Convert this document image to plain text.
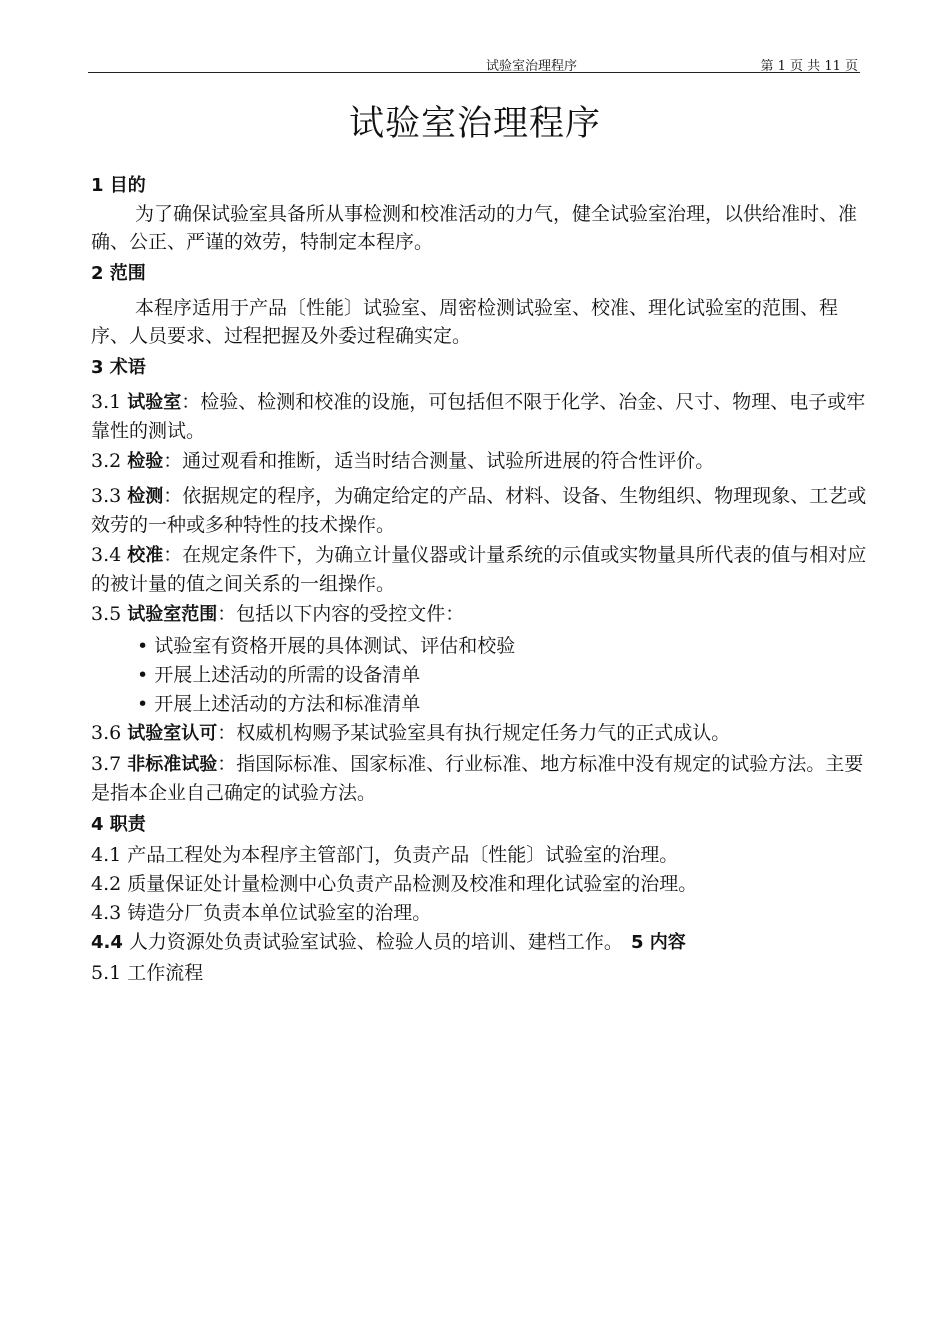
试验室治理程序	第 1 页 共 11 页
试验室治理程序

1 目的

为了确保试验室具备所从事检测和校准活动的力气，健全试验室治理，以供给准时、准确、公正、严谨的效劳，特制定本程序。

2 范围

本程序适用于产品〔性能〕试验室、周密检测试验室、校准、理化试验室的范围、程序、人员要求、过程把握及外委过程确实定。

3 术语

3.1 试验室：检验、检测和校准的设施，可包括但不限于化学、冶金、尺寸、物理、电子或牢靠性的测试。

3.2 检验：通过观看和推断，适当时结合测量、试验所进展的符合性评价。

3.3 检测：依据规定的程序，为确定给定的产品、材料、设备、生物组织、物理现象、工艺或效劳的一种或多种特性的技术操作。

3.4 校准：在规定条件下，为确立计量仪器或计量系统的示值或实物量具所代表的值与相对应的被计量的值之间关系的一组操作。

3.5 试验室范围：包括以下内容的受控文件：

• 试验室有资格开展的具体测试、评估和校验

• 开展上述活动的所需的设备清单

• 开展上述活动的方法和标准清单

3.6 试验室认可：权威机构赐予某试验室具有执行规定任务力气的正式成认。

3.7 非标准试验：指国际标准、国家标准、行业标准、地方标准中没有规定的试验方法。主要是指本企业自己确定的试验方法。

4 职责

4.1 产品工程处为本程序主管部门，负责产品〔性能〕试验室的治理。

4.2 质量保证处计量检测中心负责产品检测及校准和理化试验室的治理。

4.3 铸造分厂负责本单位试验室的治理。

4.4 人力资源处负责试验室试验、检验人员的培训、建档工作。 5 内容

5.1 工作流程
